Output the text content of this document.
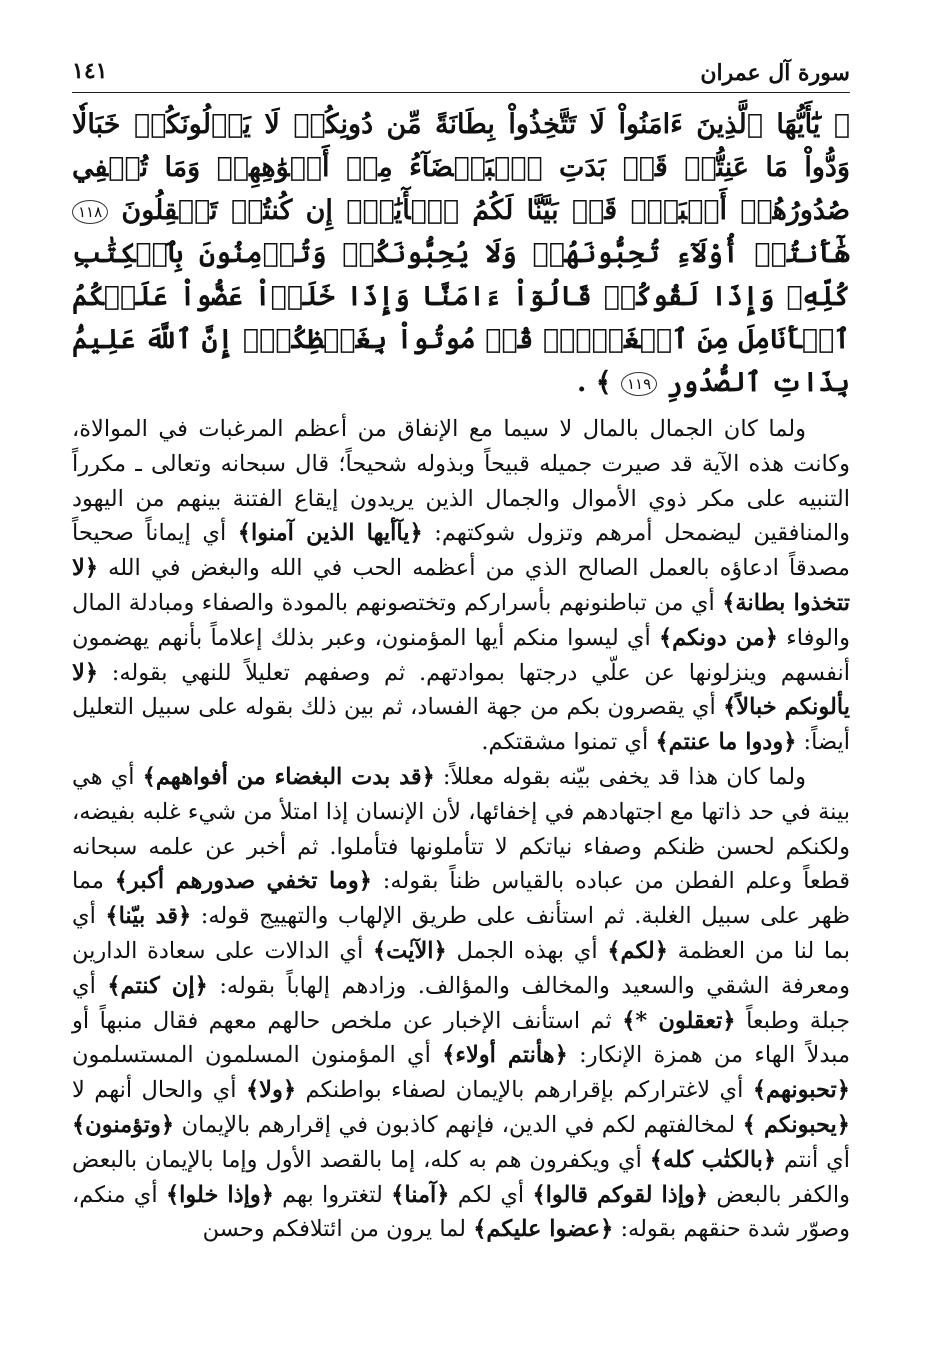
سورة آل عمران
١٤١
﴿ يَٰٓأَيُّهَا ٱلَّذِينَ ءَامَنُواْ لَا تَتَّخِذُواْ بِطَانَةً مِّن دُونِكُمۡ لَا يَأۡلُونَكُمۡ خَبَالٗا وَدُّواْ مَا عَنِتُّمۡ قَدۡ بَدَتِ ٱلۡبَغۡضَآءُ مِنۡ أَفۡوَٰهِهِمۡ وَمَا تُخۡفِي صُدُورُهُمۡ أَكۡبَرُۚ قَدۡ بَيَّنَّا لَكُمُ ٱلۡأٓيَٰتِۖ إِن كُنتُمۡ تَعۡقِلُونَ ١١٨ هَٰٓأَنتُمۡ أُوْلَآءِ تُحِبُّونَهُمۡ وَلَا يُحِبُّونَكُمۡ وَتُؤۡمِنُونَ بِٱلۡكِتَٰبِ كُلِّهِۦ وَإِذَا لَقُوكُمۡ قَالُوٓاْ ءَامَنَّا وَإِذَا خَلَوۡاْ عَضُّواْ عَلَيۡكُمُ ٱلۡأَنَامِلَ مِنَ ٱلۡغَيۡظِۚ قُلۡ مُوتُواْ بِغَيۡظِكُمۡۗ إِنَّ ٱللَّهَ عَلِيمُۢ بِذَاتِ ٱلصُّدُورِ ١١٩ ﴾ .

ولما كان الجمال بالمال لا سيما مع الإنفاق من أعظم المرغبات في الموالاة، وكانت هذه الآية قد صيرت جميله قبيحاً وبذوله شحيحاً؛ قال سبحانه وتعالى ـ مكرراً التنبيه على مكر ذوي الأموال والجمال الذين يريدون إيقاع الفتنة بينهم من اليهود والمنافقين ليضمحل أمرهم وتزول شوكتهم: ﴿يآأيها الذين آمنوا﴾ أي إيماناً صحيحاً مصدقاً ادعاؤه بالعمل الصالح الذي من أعظمه الحب في الله والبغض في الله ﴿لا تتخذوا بطانة﴾ أي من تباطنونهم بأسراركم وتختصونهم بالمودة والصفاء ومبادلة المال والوفاء ﴿من دونكم﴾ أي ليسوا منكم أيها المؤمنون، وعبر بذلك إعلاماً بأنهم يهضمون أنفسهم وينزلونها عن علّي درجتها بموادتهم. ثم وصفهم تعليلاً للنهي بقوله: ﴿لا يألونكم خبالاً﴾ أي يقصرون بكم من جهة الفساد، ثم بين ذلك بقوله على سبيل التعليل أيضاً: ﴿ودوا ما عنتم﴾ أي تمنوا مشقتكم.

ولما كان هذا قد يخفى بيّنه بقوله معللاً: ﴿قد بدت البغضاء من أفواههم﴾ أي هي بينة في حد ذاتها مع اجتهادهم في إخفائها، لأن الإنسان إذا امتلأ من شيء غلبه بفيضه، ولكنكم لحسن ظنكم وصفاء نياتكم لا تتأملونها فتأملوا. ثم أخبر عن علمه سبحانه قطعاً وعلم الفطن من عباده بالقياس ظناً بقوله: ﴿وما تخفي صدورهم أكبر﴾ مما ظهر على سبيل الغلبة. ثم استأنف على طريق الإلهاب والتهييج قوله: ﴿قد بيّنا﴾ أي بما لنا من العظمة ﴿لكم﴾ أي بهذه الجمل ﴿الآيٰت﴾ أي الدالات على سعادة الدارين ومعرفة الشقي والسعيد والمخالف والمؤالف. وزادهم إلهاباً بقوله: ﴿إن كنتم﴾ أي جبلة وطبعاً ﴿تعقلون *﴾ ثم استأنف الإخبار عن ملخص حالهم معهم فقال منبهاً أو مبدلاً الهاء من همزة الإنكار: ﴿هأنتم أولاء﴾ أي المؤمنون المسلمون المستسلمون ﴿تحبونهم﴾ أي لاغتراركم بإقرارهم بالإيمان لصفاء بواطنكم ﴿ولا﴾ أي والحال أنهم لا ﴿يحبونكم ﴾ لمخالفتهم لكم في الدين، فإنهم كاذبون في إقرارهم بالإيمان ﴿وتؤمنون﴾ أي أنتم ﴿بالكتٰب كله﴾ أي ويكفرون هم به كله، إما بالقصد الأول وإما بالإيمان بالبعض والكفر بالبعض ﴿وإذا لقوكم قالوا﴾ أي لكم ﴿آمنا﴾ لتغتروا بهم ﴿وإذا خلوا﴾ أي منكم، وصوّر شدة حنقهم بقوله: ﴿عضوا عليكم﴾ لما يرون من ائتلافكم وحسن
